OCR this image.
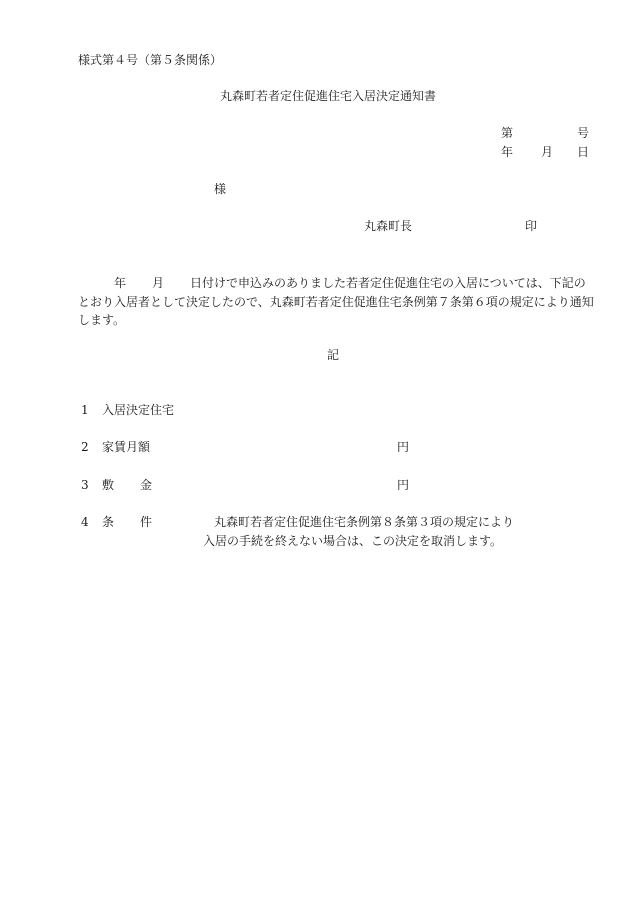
様式第４号（第５条関係）
丸森町若者定住促進住宅入居決定通知書
第	号
年 月 日
様
丸森町長	印
年 月 日付けで申込みのありました若者定住促進住宅の入居については、下記のとおり入居者として決定したので、丸森町若者定住促進住宅条例第７条第６項の規定により通知します。
記
1 入居決定住宅
2 家賃月額	円
3 敷 金	円
4 条 件	丸森町若者定住促進住宅条例第８条第３項の規定により
入居の手続を終えない場合は、この決定を取消します。
